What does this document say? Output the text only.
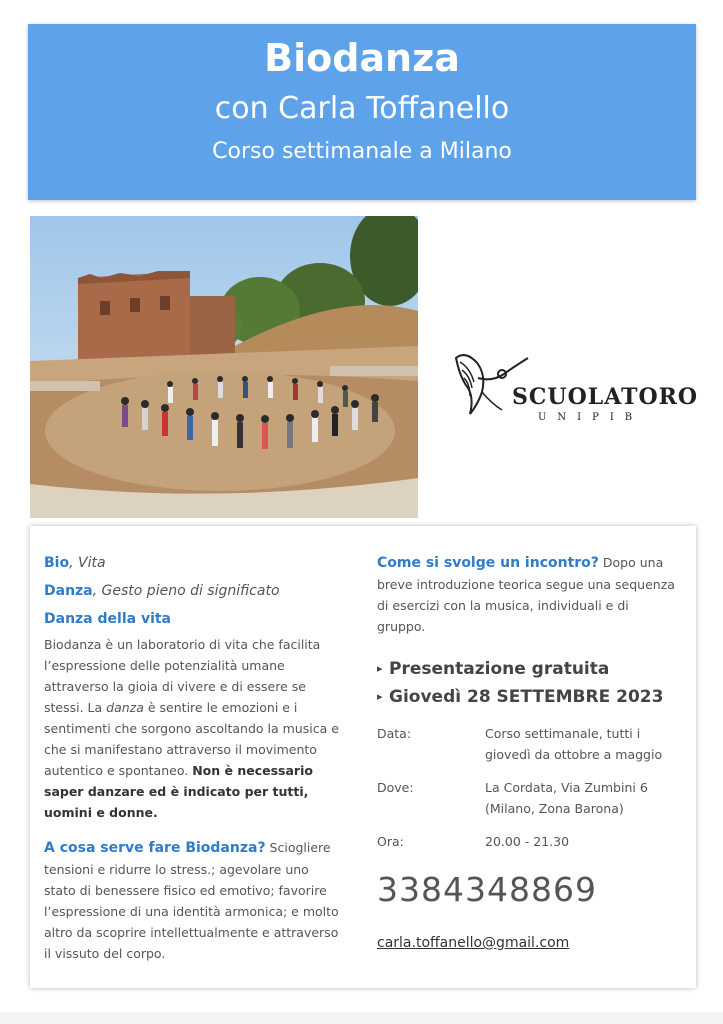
Biodanza
con Carla Toffanello
Corso settimanale a Milano
SCUOLATORO
UNIPIB
Bio, Vita
Danza, Gesto pieno di significato
Danza della vita

Biodanza è un laboratorio di vita che facilita l’espressione delle potenzialità umane attraverso la gioia di vivere e di essere se stessi. La danza è sentire le emozioni e i sentimenti che sorgono ascoltando la musica e che si manifestano attraverso il movimento autentico e spontaneo. Non è necessario saper danzare ed è indicato per tutti, uomini e donne.

A cosa serve fare Biodanza? Sciogliere tensioni e ridurre lo stress.; agevolare uno stato di benessere fisico ed emotivo; favorire l’espressione di una identità armonica; e molto altro da scoprire intellettualmente e attraverso il vissuto del corpo.

Come si svolge un incontro? Dopo una breve introduzione teorica segue una sequenza di esercizi con la musica, individuali e di gruppo.

▸ Presentazione gratuita
▸ Giovedì 28 SETTEMBRE 2023
Data:	Corso settimanale, tutti i giovedì da ottobre a maggio
Dove:	La Cordata, Via Zumbini 6 (Milano, Zona Barona)
Ora:	20.00 - 21.30
3384348869
carla.toffanello@gmail.com
